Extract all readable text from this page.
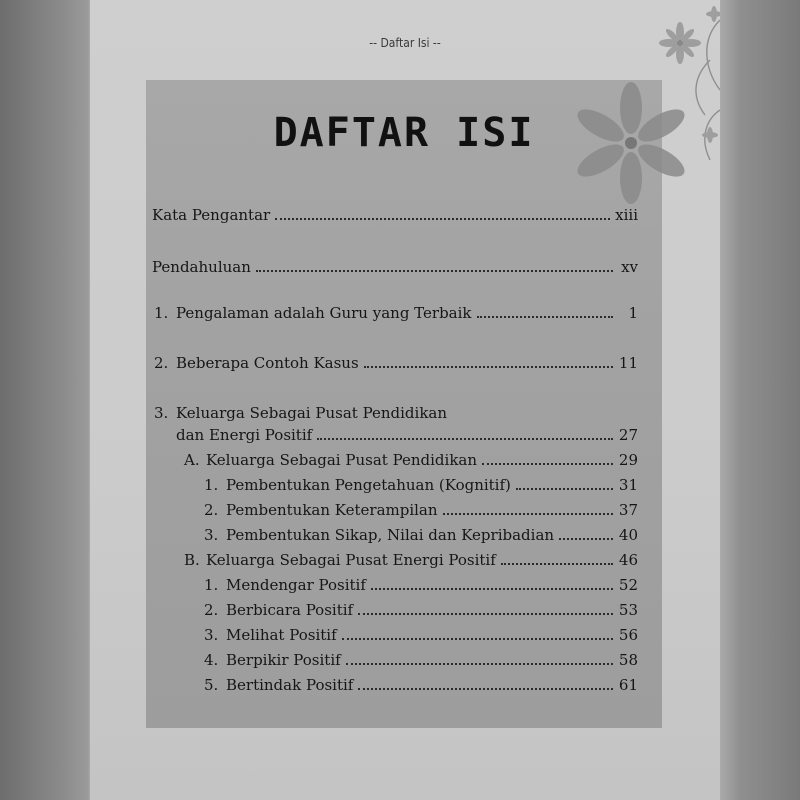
-- Daftar Isi --
DAFTAR ISI
Kata Pengantar	xiii
Pendahuluan	xv
1. Pengalaman adalah Guru yang Terbaik	1
2. Beberapa Contoh Kasus	11
3. Keluarga Sebagai Pusat Pendidikan
dan Energi Positif	27
A. Keluarga Sebagai Pusat Pendidikan	29
1. Pembentukan Pengetahuan (Kognitif)	31
2. Pembentukan Keterampilan	37
3. Pembentukan Sikap, Nilai dan Kepribadian	40
B. Keluarga Sebagai Pusat Energi Positif	46
1. Mendengar Positif	52
2. Berbicara Positif	53
3. Melihat Positif	56
4. Berpikir Positif	58
5. Bertindak Positif	61
